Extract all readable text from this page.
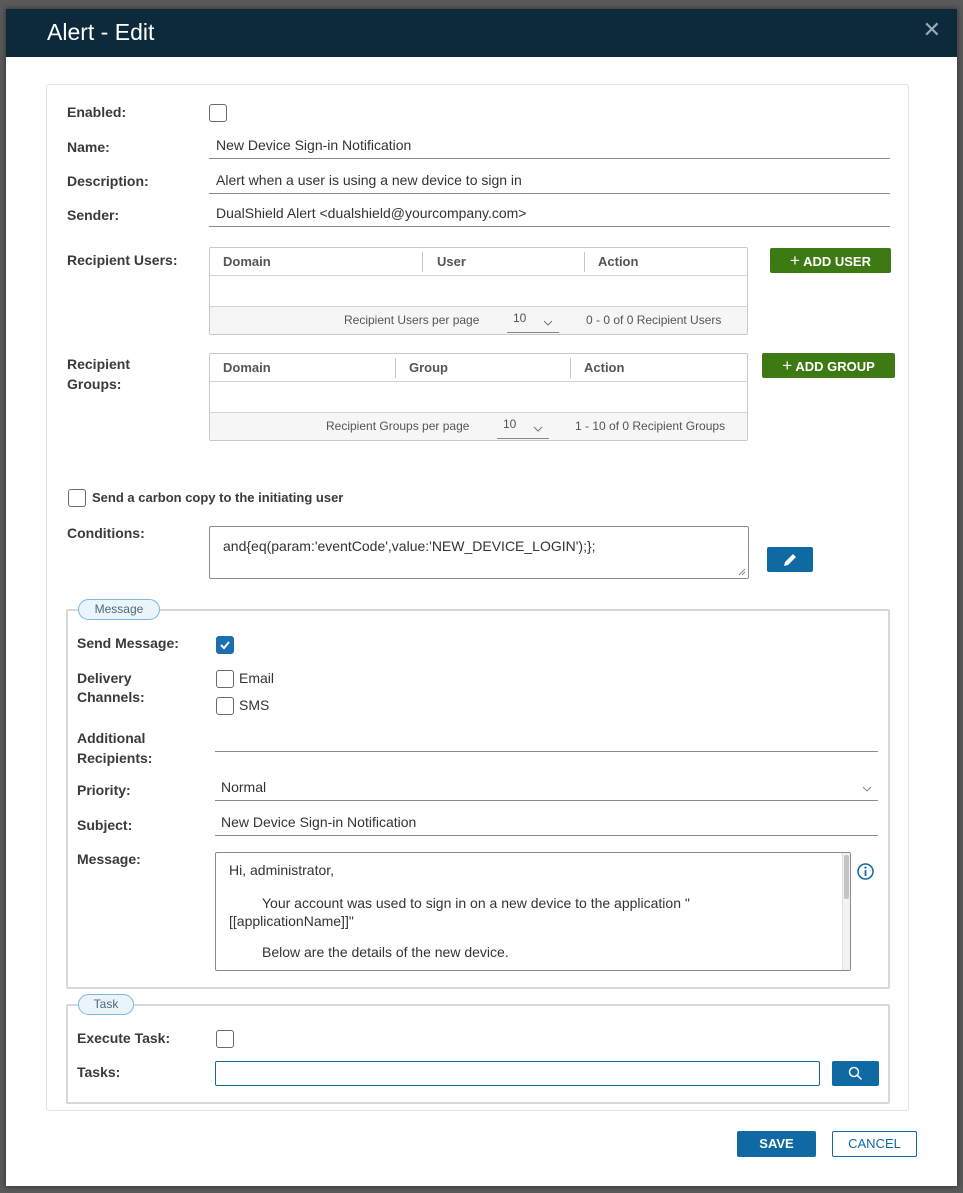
Alert - Edit	✕
Enabled:
Name:	New Device Sign-in Notification
Description:	Alert when a user is using a new device to sign in
Sender:	DualShield Alert <dualshield@yourcompany.com>
Recipient Users:	Domain	User	Action
Recipient Users per page	10	0 - 0 of 0 Recipient Users
+ ADD USER
Recipient
Groups:
Domain	Group	Action
Recipient Groups per page	10	1 - 10 of 0 Recipient Groups
+ ADD GROUP
Send a carbon copy to the initiating user
Conditions:
and{eq(param:'eventCode',value:'NEW_DEVICE_LOGIN');};
Message
Send Message:
Delivery
Channels:
Email
SMS
Additional
Recipients:
Priority:	Normal
Subject:	New Device Sign-in Notification
Message:
Hi, administrator,
Your account was used to sign in on a new device to the application "
[[applicationName]]"
Below are the details of the new device.
Task
Execute Task:
Tasks:
SAVE	CANCEL
